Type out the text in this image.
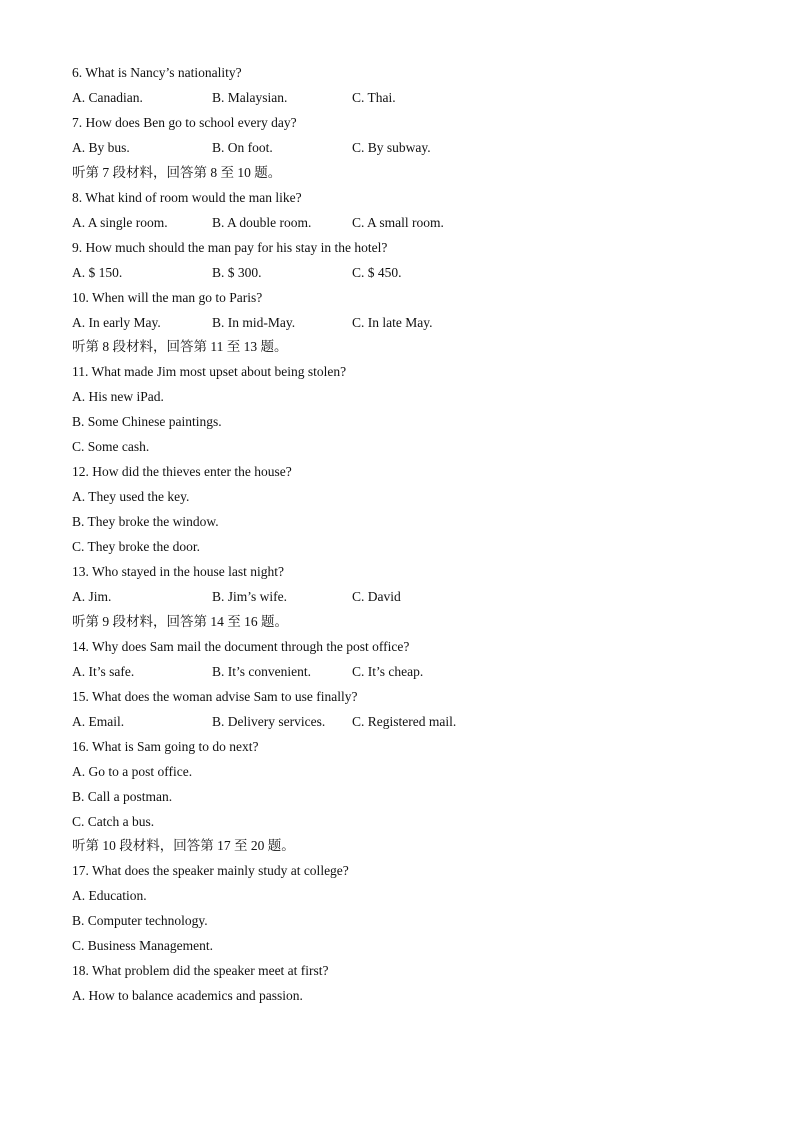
6. What is Nancy’s nationality?
A. Canadian.	B. Malaysian.	C. Thai.
7. How does Ben go to school every day?
A. By bus.	B. On foot.	C. By subway.
听第 7 段材料，回答第 8 至 10 题。
8. What kind of room would the man like?
A. A single room.	B. A double room.	C. A small room.
9. How much should the man pay for his stay in the hotel?
A. $ 150.	B. $ 300.	C. $ 450.
10. When will the man go to Paris?
A. In early May.	B. In mid-May.	C. In late May.
听第 8 段材料，回答第 11 至 13 题。
11. What made Jim most upset about being stolen?
A. His new iPad.
B. Some Chinese paintings.
C. Some cash.
12. How did the thieves enter the house?
A. They used the key.
B. They broke the window.
C. They broke the door.
13. Who stayed in the house last night?
A. Jim.	B. Jim’s wife.	C. David
听第 9 段材料，回答第 14 至 16 题。
14. Why does Sam mail the document through the post office?
A. It’s safe.	B. It’s convenient.	C. It’s cheap.
15. What does the woman advise Sam to use finally?
A. Email.	B. Delivery services. C. Registered mail.
16. What is Sam going to do next?
A. Go to a post office.
B. Call a postman.
C. Catch a bus.
听第 10 段材料，回答第 17 至 20 题。
17. What does the speaker mainly study at college?
A. Education.
B. Computer technology.
C. Business Management.
18. What problem did the speaker meet at first?
A. How to balance academics and passion.
